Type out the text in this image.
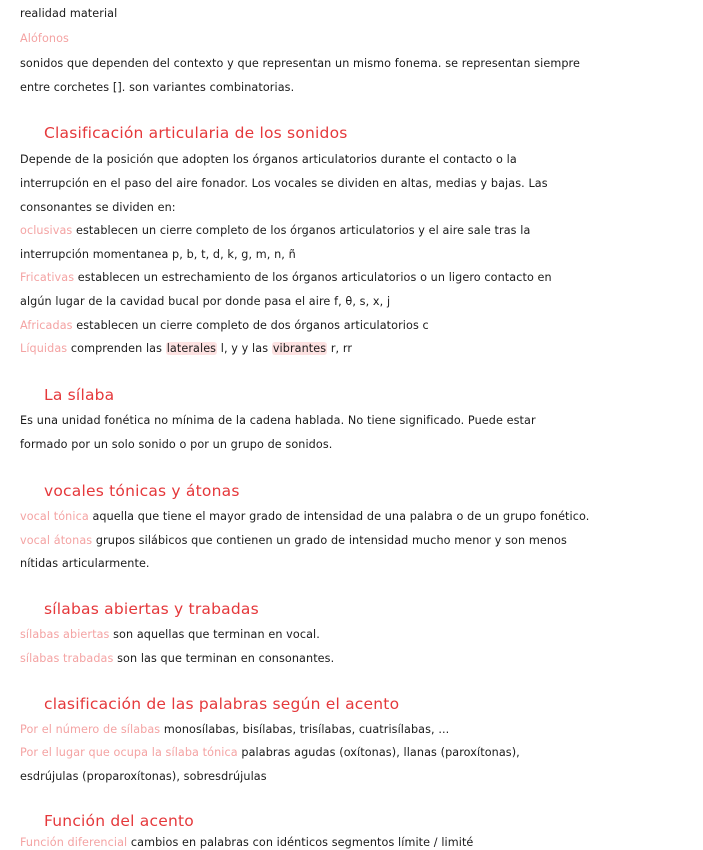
realidad material
Alófonos
sonidos que dependen del contexto y que representan un mismo fonema. se representan siempre
entre corchetes []. son variantes combinatorias.
Clasificación articularia de los sonidos
Depende de la posición que adopten los órganos articulatorios durante el contacto o la
interrupción en el paso del aire fonador. Los vocales se dividen en altas, medias y bajas. Las
consonantes se dividen en:
oclusivas establecen un cierre completo de los órganos articulatorios y el aire sale tras la
interrupción momentanea p, b, t, d, k, g, m, n, ñ
Fricativas establecen un estrechamiento de los órganos articulatorios o un ligero contacto en
algún lugar de la cavidad bucal por donde pasa el aire f, θ, s, x, j
Africadas establecen un cierre completo de dos órganos articulatorios c
Líquidas comprenden las laterales l, y y las vibrantes r, rr
La sílaba
Es una unidad fonética no mínima de la cadena hablada. No tiene significado. Puede estar
formado por un solo sonido o por un grupo de sonidos.
vocales tónicas y átonas
vocal tónica aquella que tiene el mayor grado de intensidad de una palabra o de un grupo fonético.
vocal átonas grupos silábicos que contienen un grado de intensidad mucho menor y son menos
nítidas articularmente.
sílabas abiertas y trabadas
sílabas abiertas son aquellas que terminan en vocal.
sílabas trabadas son las que terminan en consonantes.
clasificación de las palabras según el acento
Por el número de sílabas monosílabas, bisílabas, trisílabas, cuatrisílabas, ...
Por el lugar que ocupa la sílaba tónica palabras agudas (oxítonas), llanas (paroxítonas),
esdrújulas (proparoxítonas), sobresdrújulas
Función del acento
Función diferencial cambios en palabras con idénticos segmentos límite / limité
